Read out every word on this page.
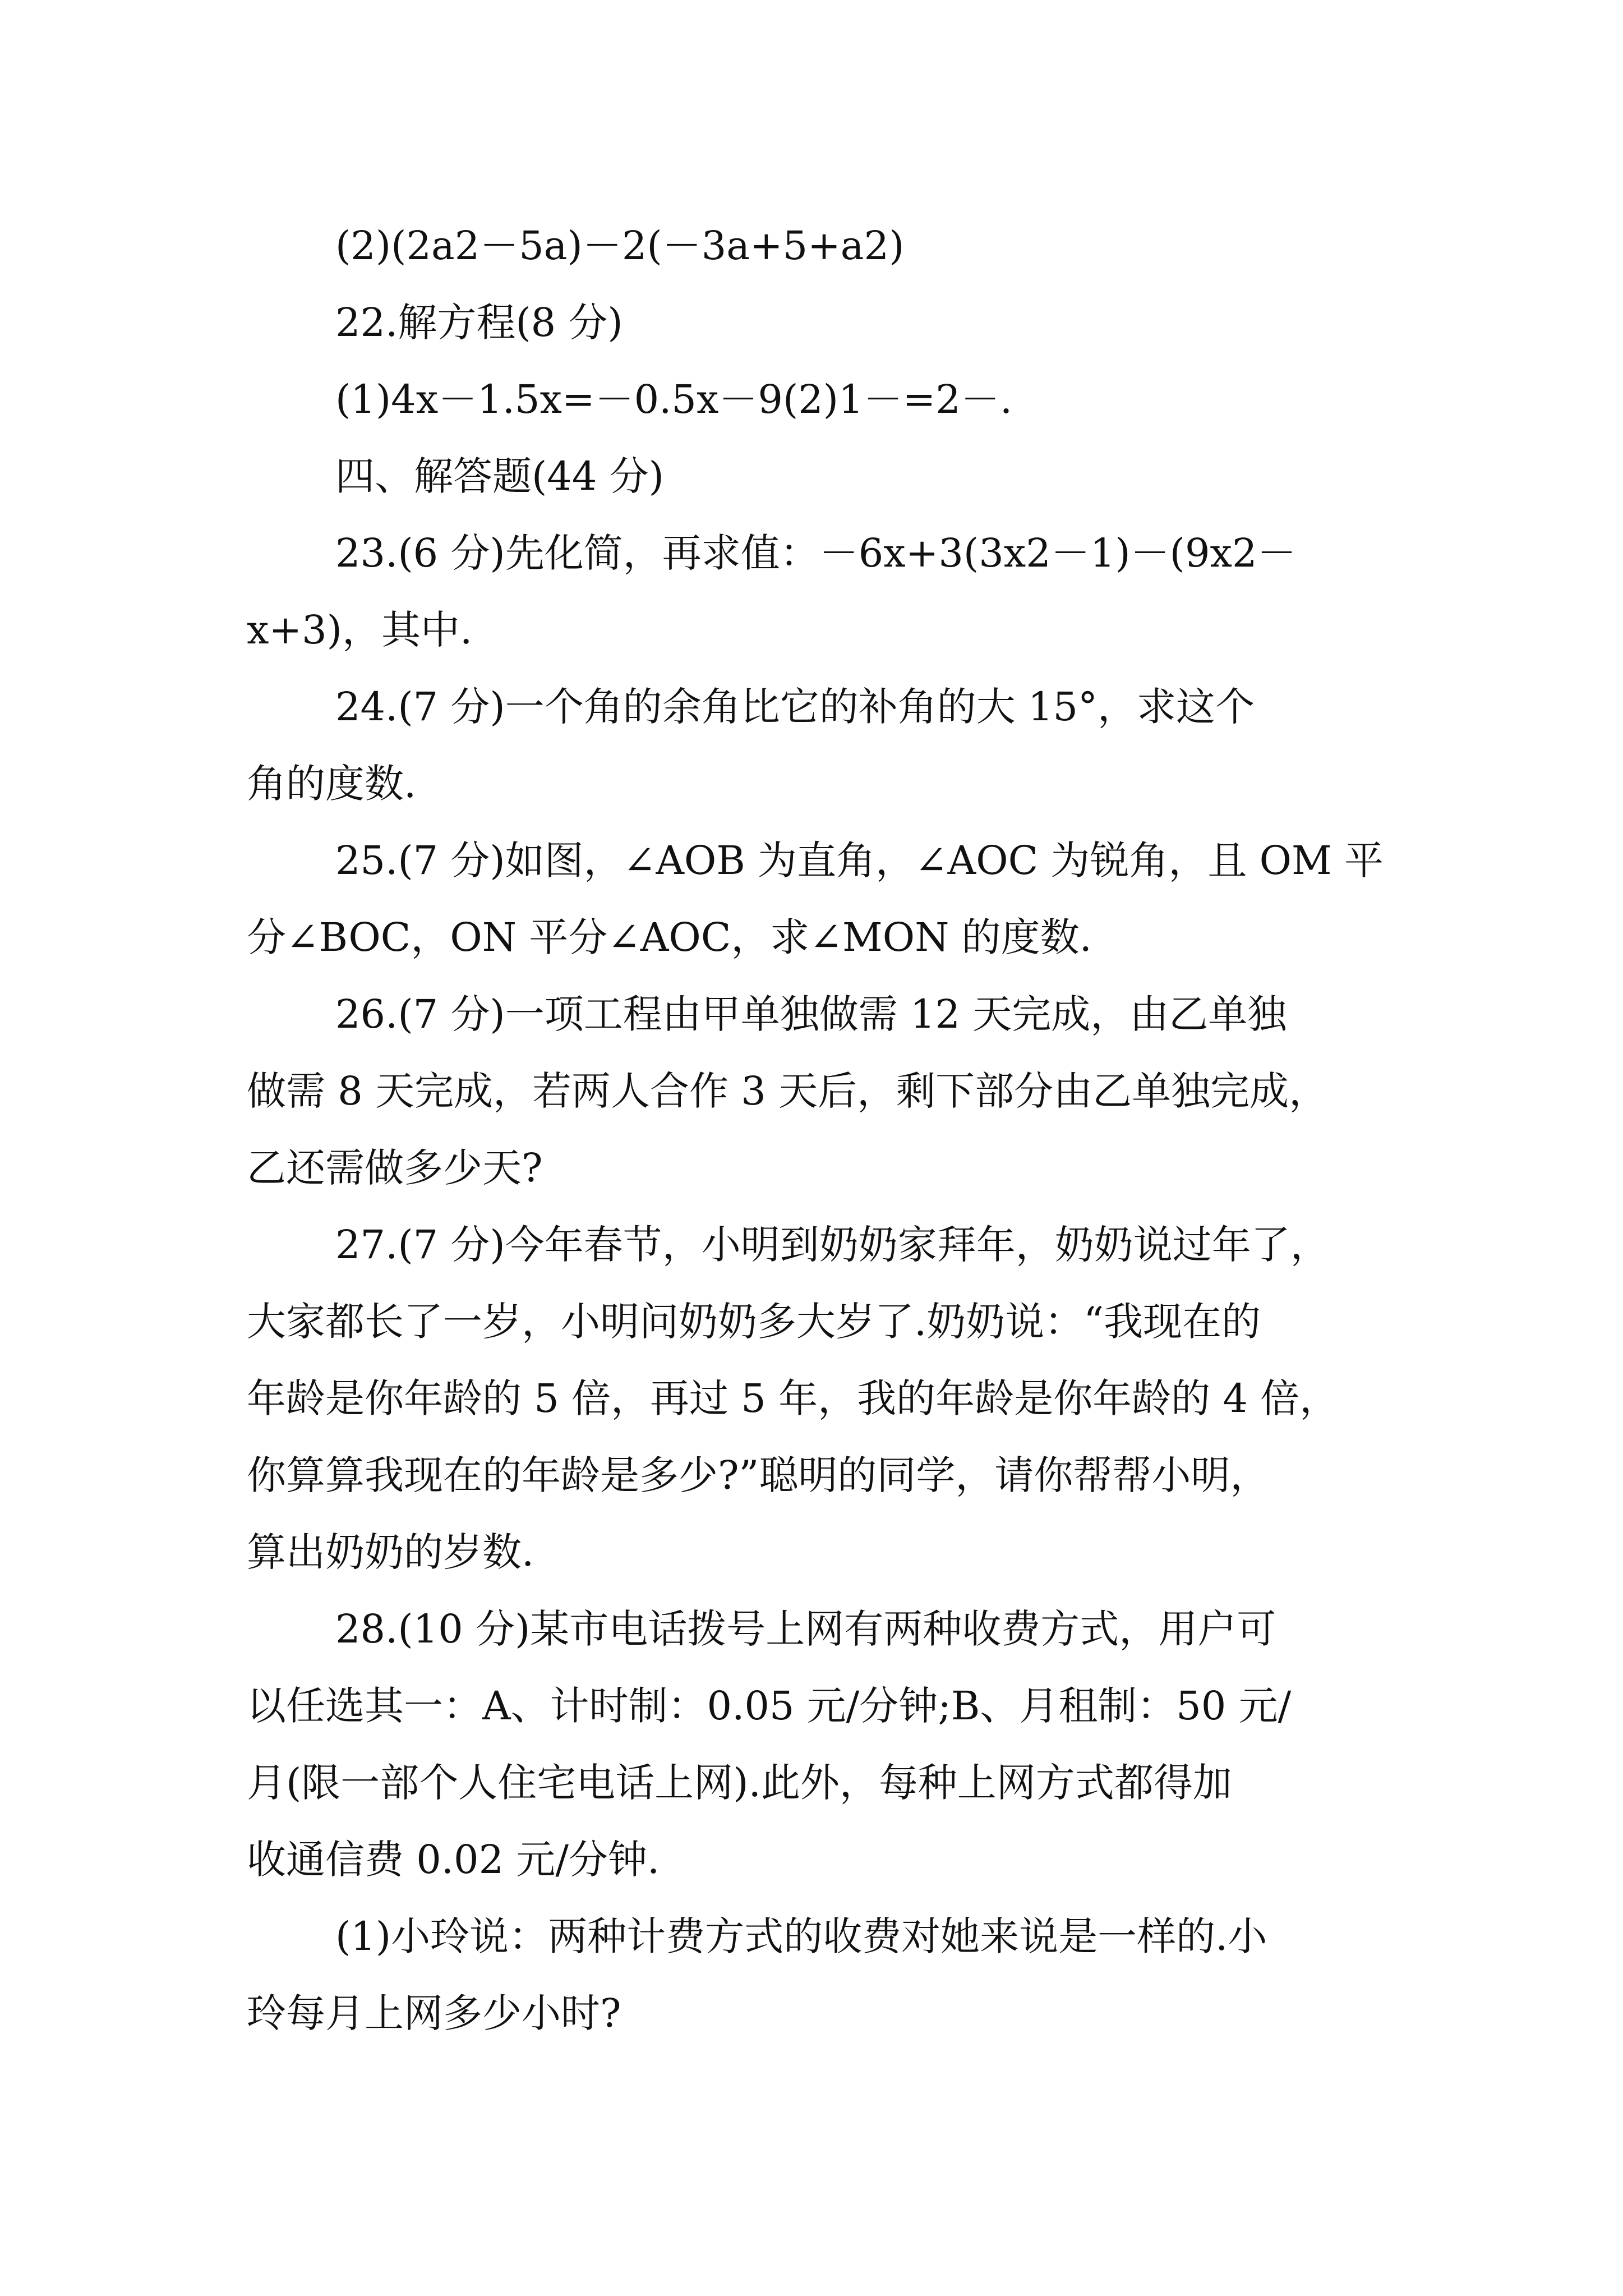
(2)(2a2－5a)－2(－3a+5+a2)

22.解方程(8 分)

(1)4x－1.5x=－0.5x－9(2)1－=2－.

四、解答题(44 分)

23.(6 分)先化简，再求值：－6x+3(3x2－1)－(9x2－

x+3)，其中.

24.(7 分)一个角的余角比它的补角的大 15°，求这个

角的度数.

25.(7 分)如图，∠AOB 为直角，∠AOC 为锐角，且 OM 平

分∠BOC，ON 平分∠AOC，求∠MON 的度数.

26.(7 分)一项工程由甲单独做需 12 天完成，由乙单独

做需 8 天完成，若两人合作 3 天后，剩下部分由乙单独完成，

乙还需做多少天?

27.(7 分)今年春节，小明到奶奶家拜年，奶奶说过年了，

大家都长了一岁，小明问奶奶多大岁了.奶奶说：“我现在的

年龄是你年龄的 5 倍，再过 5 年，我的年龄是你年龄的 4 倍，

你算算我现在的年龄是多少?”聪明的同学，请你帮帮小明，

算出奶奶的岁数.

28.(10 分)某市电话拨号上网有两种收费方式，用户可

以任选其一：A、计时制：0.05 元/分钟;B、月租制：50 元/

月(限一部个人住宅电话上网).此外，每种上网方式都得加

收通信费 0.02 元/分钟.

(1)小玲说：两种计费方式的收费对她来说是一样的.小

玲每月上网多少小时?
